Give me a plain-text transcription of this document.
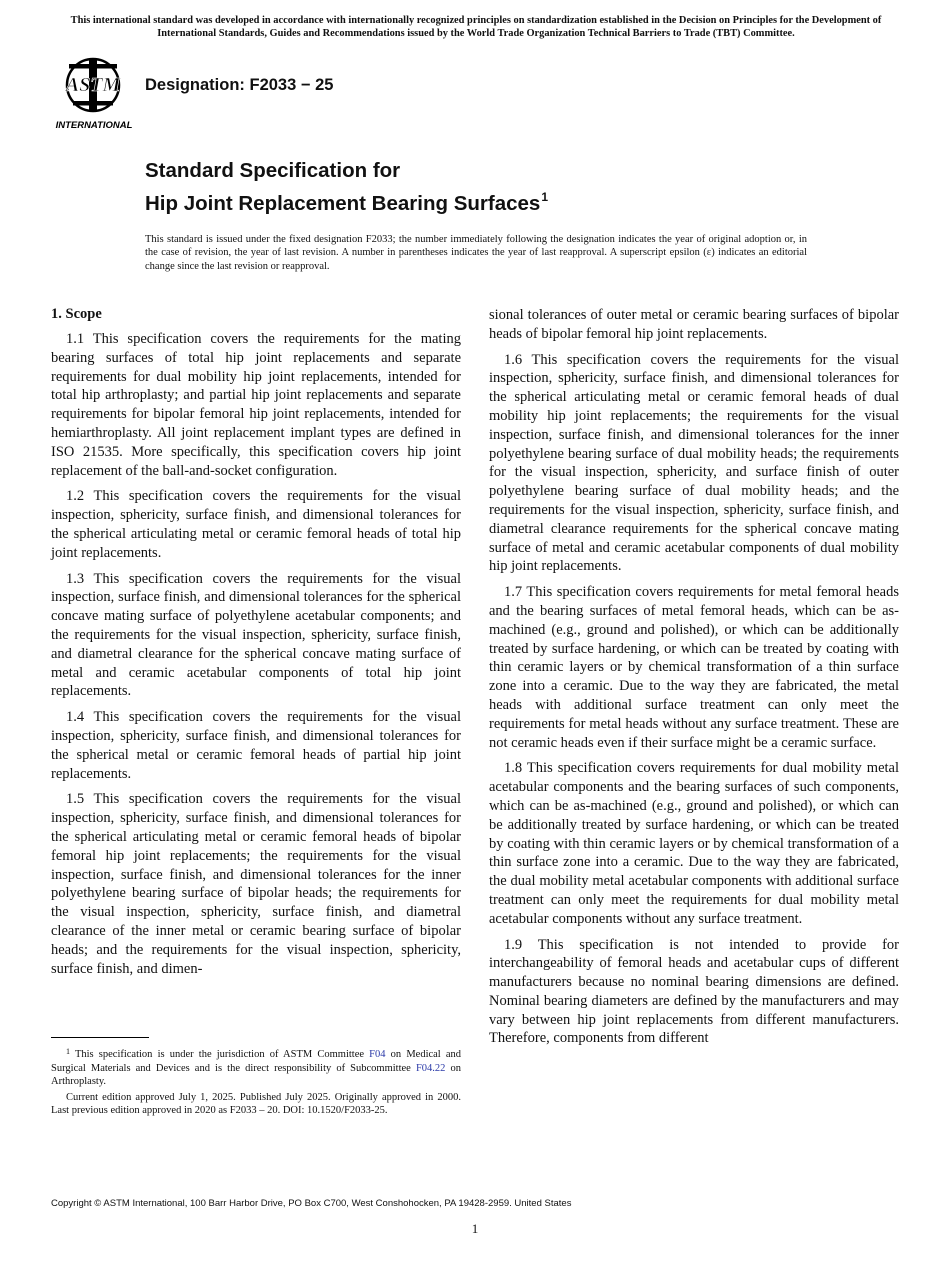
This international standard was developed in accordance with internationally recognized principles on standardization established in the Decision on Principles for the Development of International Standards, Guides and Recommendations issued by the World Trade Organization Technical Barriers to Trade (TBT) Committee.
ASTM
INTERNATIONAL
Designation: F2033 − 25
Standard Specification for
Hip Joint Replacement Bearing Surfaces$^1$
This standard is issued under the fixed designation F2033; the number immediately following the designation indicates the year of original adoption or, in the case of revision, the year of last revision. A number in parentheses indicates the year of last reapproval. A superscript epsilon (ε) indicates an editorial change since the last revision or reapproval.
1. Scope

1.1 This specification covers the requirements for the mating bearing surfaces of total hip joint replacements and separate requirements for dual mobility hip joint replacements, intended for total hip arthroplasty; and partial hip joint replacements and separate requirements for bipolar femoral hip joint replacements, intended for hemiarthroplasty. All joint replacement implant types are defined in ISO 21535. More specifically, this specification covers hip joint replacement of the ball-and-socket configuration.

1.2 This specification covers the requirements for the visual inspection, sphericity, surface finish, and dimensional tolerances for the spherical articulating metal or ceramic femoral heads of total hip joint replacements.

1.3 This specification covers the requirements for the visual inspection, surface finish, and dimensional tolerances for the spherical concave mating surface of polyethylene acetabular components; and the requirements for the visual inspection, sphericity, surface finish, and diametral clearance for the spherical concave mating surface of metal and ceramic acetabular components of total hip joint replacements.

1.4 This specification covers the requirements for the visual inspection, sphericity, surface finish, and dimensional tolerances for the spherical metal or ceramic femoral heads of partial hip joint replacements.

1.5 This specification covers the requirements for the visual inspection, sphericity, surface finish, and dimensional tolerances for the spherical articulating metal or ceramic femoral heads of bipolar femoral hip joint replacements; the requirements for the visual inspection, surface finish, and dimensional tolerances for the inner polyethylene bearing surface of bipolar heads; the requirements for the visual inspection, sphericity, surface finish, and diametral clearance of the inner metal or ceramic bearing surface of bipolar heads; and the requirements for the visual inspection, sphericity, surface finish, and dimen-

sional tolerances of outer metal or ceramic bearing surfaces of bipolar heads of bipolar femoral hip joint replacements.

1.6 This specification covers the requirements for the visual inspection, sphericity, surface finish, and dimensional tolerances for the spherical articulating metal or ceramic femoral heads of dual mobility hip joint replacements; the requirements for the visual inspection, surface finish, and dimensional tolerances for the inner polyethylene bearing surface of dual mobility heads; the requirements for the visual inspection, sphericity, and surface finish of outer polyethylene bearing surface of dual mobility heads; and the requirements for the visual inspection, sphericity, surface finish, and diametral clearance requirements for the spherical concave mating surface of metal and ceramic acetabular components of dual mobility hip joint replacements.

1.7 This specification covers requirements for metal femoral heads and the bearing surfaces of metal femoral heads, which can be as-machined (e.g., ground and polished), or which can be additionally treated by surface hardening, or which can be treated by coating with thin ceramic layers or by chemical transformation of a thin surface zone into a ceramic. Due to the way they are fabricated, the metal heads with additional surface treatment can only meet the requirements for metal heads without any surface treatment. These are not ceramic heads even if their surface might be a ceramic surface.

1.8 This specification covers requirements for dual mobility metal acetabular components and the bearing surfaces of such components, which can be as-machined (e.g., ground and polished), or which can be additionally treated by surface hardening, or which can be treated by coating with thin ceramic layers or by chemical transformation of a thin surface zone into a ceramic. Due to the way they are fabricated, the dual mobility metal acetabular components with additional surface treatment can only meet the requirements for dual mobility metal acetabular components without any surface treatment.

1.9 This specification is not intended to provide for interchangeability of femoral heads and acetabular cups of different manufacturers because no nominal bearing dimensions are defined. Nominal bearing diameters are defined by the manufacturers and may vary between hip joint replacements from different manufacturers. Therefore, components from different

$^1$ This specification is under the jurisdiction of ASTM Committee F04 on Medical and Surgical Materials and Devices and is the direct responsibility of Subcommittee F04.22 on Arthroplasty.

Current edition approved July 1, 2025. Published July 2025. Originally approved in 2000. Last previous edition approved in 2020 as F2033 – 20. DOI: 10.1520/F2033-25.

Copyright © ASTM International, 100 Barr Harbor Drive, PO Box C700, West Conshohocken, PA 19428-2959. United States
1
